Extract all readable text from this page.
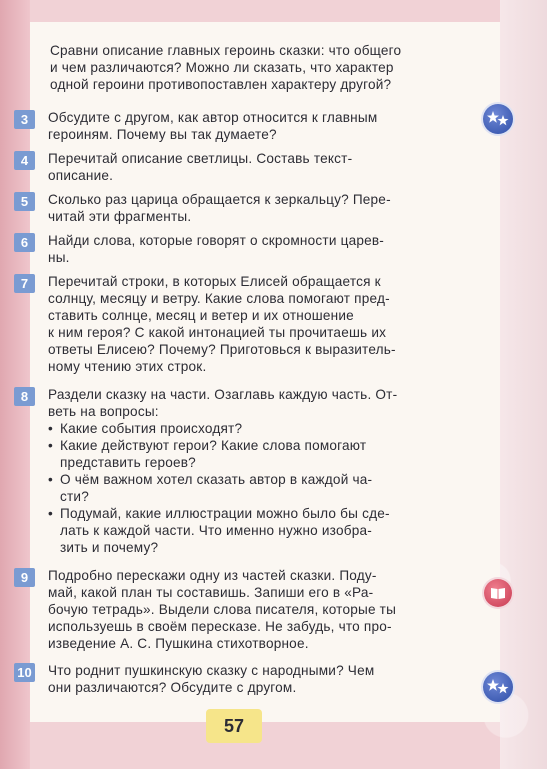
Сравни описание главных героинь сказки: что общего
и чем различаются? Можно ли сказать, что характер
одной героини противопоставлен характеру другой?
3	Обсудите с другом, как автор относится к главным
героиням. Почему вы так думаете?
4	Перечитай описание светлицы. Составь текст-
описание.
5	Сколько раз царица обращается к зеркальцу? Пере-
читай эти фрагменты.
6	Найди слова, которые говорят о скромности царев-
ны.
7	Перечитай строки, в которых Елисей обращается к
солнцу, месяцу и ветру. Какие слова помогают пред-
ставить солнце, месяц и ветер и их отношение
к ним героя? С какой интонацией ты прочитаешь их
ответы Елисею? Почему? Приготовься к выразитель-
ному чтению этих строк.
8	Раздели сказку на части. Озаглавь каждую часть. От-
веть на вопросы:
• Какие события происходят?
• Какие действуют герои? Какие слова помогают
представить героев?
• О чём важном хотел сказать автор в каждой ча-
сти?
• Подумай, какие иллюстрации можно было бы сде-
лать к каждой части. Что именно нужно изобра-
зить и почему?
9	Подробно перескажи одну из частей сказки. Поду-
май, какой план ты составишь. Запиши его в «Ра-
бочую тетрадь». Выдели слова писателя, которые ты
используешь в своём пересказе. Не забудь, что про-
изведение А. С. Пушкина стихотворное.
10 Что роднит пушкинскую сказку с народными? Чем
они различаются? Обсудите с другом.
57
